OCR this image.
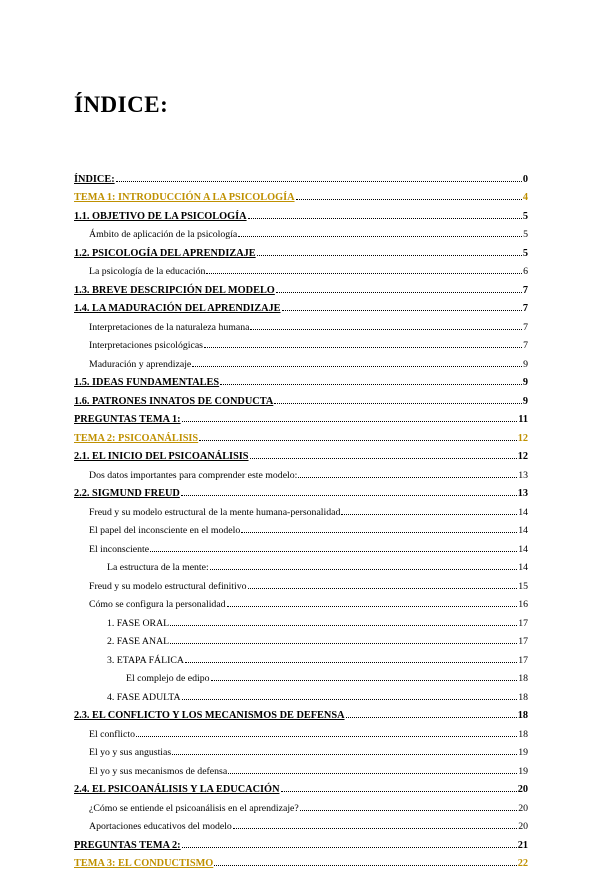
ÍNDICE:
ÍNDICE:	0
TEMA 1: INTRODUCCIÓN A LA PSICOLOGÍA	4
1.1. OBJETIVO DE LA PSICOLOGÍA	5
Ámbito de aplicación de la psicología	5
1.2. PSICOLOGÍA DEL APRENDIZAJE	5
La psicología de la educación	6
1.3. BREVE DESCRIPCIÓN DEL MODELO	7
1.4. LA MADURACIÓN DEL APRENDIZAJE	7
Interpretaciones de la naturaleza humana	7
Interpretaciones psicológicas	7
Maduración y aprendizaje	9
1.5. IDEAS FUNDAMENTALES	9
1.6. PATRONES INNATOS DE CONDUCTA	9
PREGUNTAS TEMA 1:	11
TEMA 2: PSICOANÁLISIS	12
2.1. EL INICIO DEL PSICOANÁLISIS	12
Dos datos importantes para comprender este modelo:	13
2.2. SIGMUND FREUD	13
Freud y su modelo estructural de la mente humana-personalidad	14
El papel del inconsciente en el modelo	14
El inconsciente	14
La estructura de la mente:	14
Freud y su modelo estructural definitivo	15
Cómo se configura la personalidad	16
1. FASE ORAL	17
2. FASE ANAL	17
3. ETAPA FÁLICA	17
El complejo de edipo	18
4. FASE ADULTA	18
2.3. EL CONFLICTO Y LOS MECANISMOS DE DEFENSA	18
El conflicto	18
El yo y sus angustias	19
El yo y sus mecanismos de defensa	19
2.4. EL PSICOANÁLISIS Y LA EDUCACIÓN	20
¿Cómo se entiende el psicoanálisis en el aprendizaje?	20
Aportaciones educativos del modelo	20
PREGUNTAS TEMA 2:	21
TEMA 3: EL CONDUCTISMO	22
